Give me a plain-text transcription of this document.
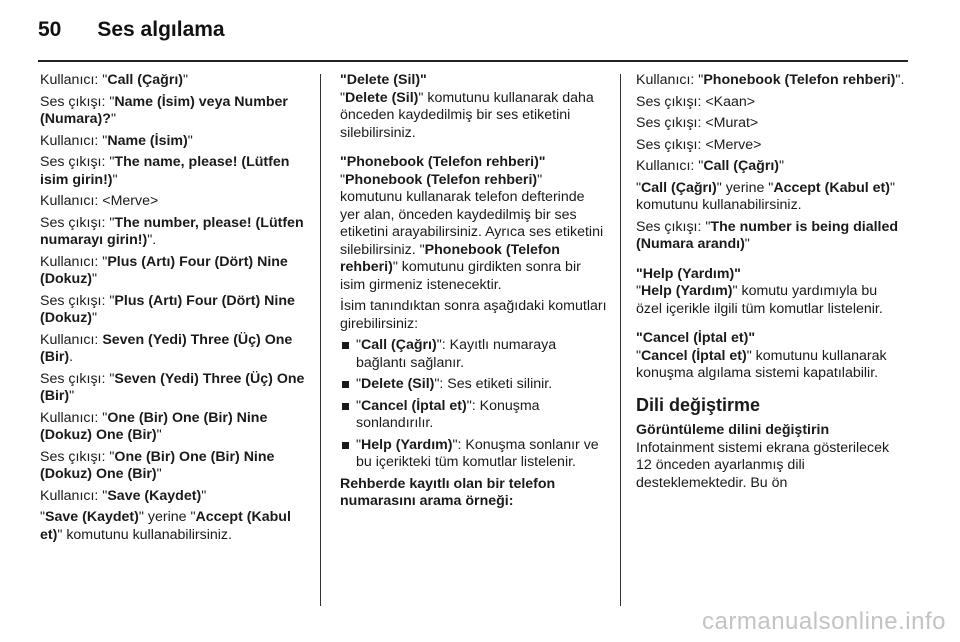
50 Ses algılama

Kullanıcı: "Call (Çağrı)"

Ses çıkışı: "Name (İsim) veya Number (Numara)?"

Kullanıcı: "Name (İsim)"

Ses çıkışı: "The name, please! (Lütfen isim girin!)"

Kullanıcı: <Merve>

Ses çıkışı: "The number, please! (Lütfen numarayı girin!)".

Kullanıcı: "Plus (Artı) Four (Dört) Nine (Dokuz)"

Ses çıkışı: "Plus (Artı) Four (Dört) Nine (Dokuz)"

Kullanıcı: Seven (Yedi) Three (Üç) One (Bir).

Ses çıkışı: "Seven (Yedi) Three (Üç) One (Bir)"

Kullanıcı: "One (Bir) One (Bir) Nine (Dokuz) One (Bir)"

Ses çıkışı: "One (Bir) One (Bir) Nine (Dokuz) One (Bir)"

Kullanıcı: "Save (Kaydet)"

"Save (Kaydet)" yerine "Accept (Kabul et)" komutunu kullanabilirsiniz.

"Delete (Sil)"

"Delete (Sil)" komutunu kullanarak daha önceden kaydedilmiş bir ses etiketini silebilirsiniz.

"Phonebook (Telefon rehberi)"

"Phonebook (Telefon rehberi)" komutunu kullanarak telefon defterinde yer alan, önceden kaydedilmiş bir ses etiketini arayabilirsiniz. Ayrıca ses etiketini silebilirsiniz. "Phonebook (Telefon rehberi)" komutunu girdikten sonra bir isim girmeniz istenecektir.

İsim tanındıktan sonra aşağıdaki komutları girebilirsiniz:

"Call (Çağrı)": Kayıtlı numaraya bağlantı sağlanır.
"Delete (Sil)": Ses etiketi silinir.
"Cancel (İptal et)": Konuşma sonlandırılır.
"Help (Yardım)": Konuşma sonlanır ve bu içerikteki tüm komutlar listelenir.

Rehberde kayıtlı olan bir telefon numarasını arama örneği:

Kullanıcı: "Phonebook (Telefon rehberi)".

Ses çıkışı: <Kaan>

Ses çıkışı: <Murat>

Ses çıkışı: <Merve>

Kullanıcı: "Call (Çağrı)"

"Call (Çağrı)" yerine "Accept (Kabul et)" komutunu kullanabilirsiniz.

Ses çıkışı: "The number is being dialled (Numara arandı)"

"Help (Yardım)"

"Help (Yardım)" komutu yardımıyla bu özel içerikle ilgili tüm komutlar listelenir.

"Cancel (İptal et)"

"Cancel (İptal et)" komutunu kullanarak konuşma algılama sistemi kapatılabilir.

Dili değiştirme

Görüntüleme dilini değiştirin

Infotainment sistemi ekrana gösterilecek 12 önceden ayarlanmış dili desteklemektedir. Bu ön

carmanualsonline.info
